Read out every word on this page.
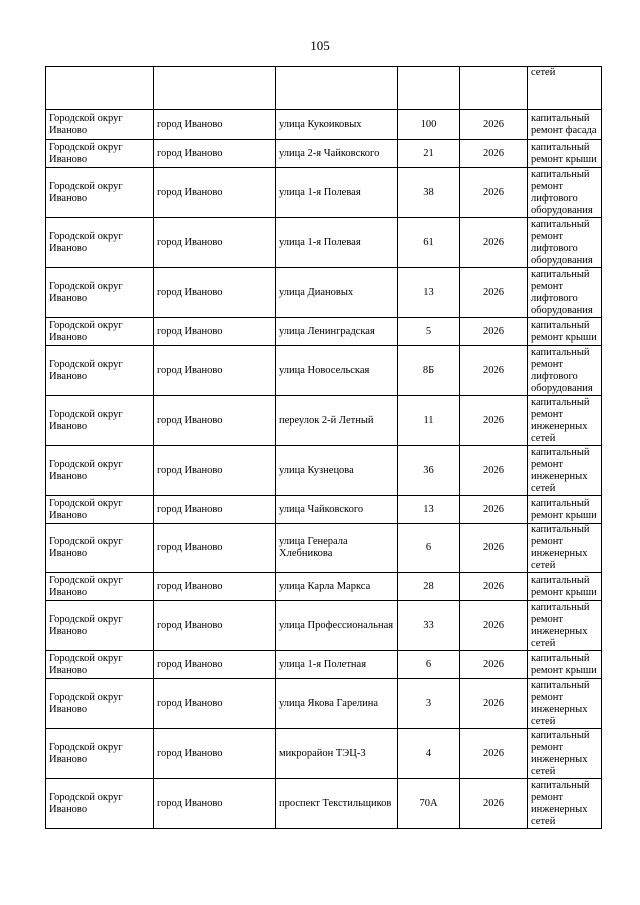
105
					сетей
Городской округ Иваново	город Иваново	улица Кукоиковых	100	2026	капитальный ремонт фасада
Городской округ Иваново	город Иваново	улица 2-я Чайковского	21	2026	капитальный ремонт крыши
Городской округ Иваново	город Иваново	улица 1-я Полевая	38	2026	капитальный ремонт лифтового оборудования
Городской округ Иваново	город Иваново	улица 1-я Полевая	61	2026	капитальный ремонт лифтового оборудования
Городской округ Иваново	город Иваново	улица Диановых	13	2026	капитальный ремонт лифтового оборудования
Городской округ Иваново	город Иваново	улица Ленинградская	5	2026	капитальный ремонт крыши
Городской округ Иваново	город Иваново	улица Новосельская	8Б	2026	капитальный ремонт лифтового оборудования
Городской округ Иваново	город Иваново	переулок 2-й Летный	11	2026	капитальный ремонт инженерных сетей
Городской округ Иваново	город Иваново	улица Кузнецова	36	2026	капитальный ремонт инженерных сетей
Городской округ Иваново	город Иваново	улица Чайковского	13	2026	капитальный ремонт крыши
Городской округ Иваново	город Иваново	улица Генерала Хлебникова	6	2026	капитальный ремонт инженерных сетей
Городской округ Иваново	город Иваново	улица Карла Маркса	28	2026	капитальный ремонт крыши
Городской округ Иваново	город Иваново	улица Профессиональная	33	2026	капитальный ремонт инженерных сетей
Городской округ Иваново	город Иваново	улица 1-я Полетная	6	2026	капитальный ремонт крыши
Городской округ Иваново	город Иваново	улица Якова Гарелина	3	2026	капитальный ремонт инженерных сетей
Городской округ Иваново	город Иваново	микрорайон ТЭЦ-3	4	2026	капитальный ремонт инженерных сетей
Городской округ Иваново	город Иваново	проспект Текстильщиков	70А	2026	капитальный ремонт инженерных сетей
